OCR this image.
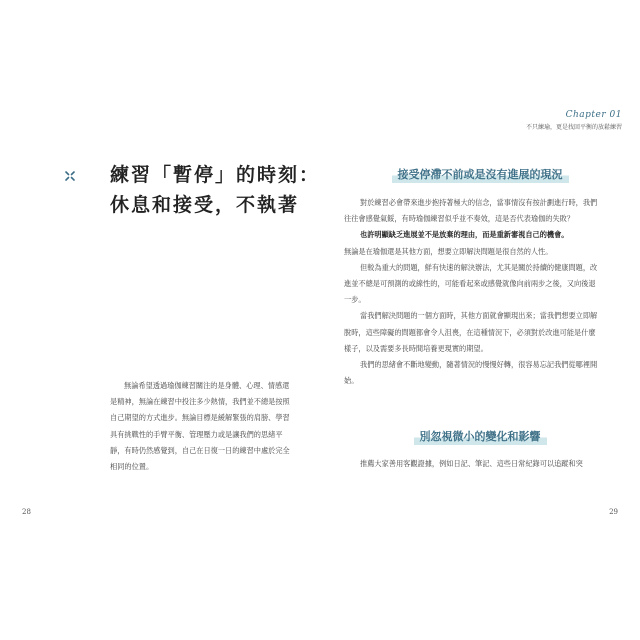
練習「暫停」的時刻：
休息和接受，不執著
無論希望透過瑜伽練習關注的是身體、心理、情感還是精神，無論在練習中投注多少熱情，我們並不總是按照自己期望的方式進步。無論目標是緩解緊張的肩膀、學習具有挑戰性的手臂平衡、管理壓力或是讓我們的思緒平靜，有時仍然感覺到，自己在日復一日的練習中處於完全相同的位置。
28
Chapter 01
不只練瑜，更是找回平衡的放鬆練習
接受停滯不前或是沒有進展的現況

對於練習必會帶來進步抱持著極大的信念，當事情沒有按計劃進行時，我們往往會感覺氣餒，有時瑜伽練習似乎並不奏效，這是否代表瑜伽的失敗？

也許明顯缺乏進展並不是放棄的理由，而是重新審視自己的機會。

無論是在瑜伽還是其他方面，想要立即解決問題是很自然的人性。

但較為重大的問題，鮮有快速的解決辦法，尤其是關於持續的健康問題，改進並不總是可預測的或線性的，可能看起來或感覺就像向前兩步之後，又向後退一步。

當我們解決問題的一個方面時，其他方面就會顯現出來；當我們想要立即解脫時，這些障礙的問題都會令人沮喪，在這種情況下，必須對於改進可能是什麼樣子，以及需要多長時間培養更現實的期望。

我們的思緒會不斷地變動，隨著情況的慢慢好轉，很容易忘記我們從哪裡開始。

別忽視微小的變化和影響

推薦大家善用客觀證據，例如日記、筆記、這些日常紀錄可以追蹤和突

29
